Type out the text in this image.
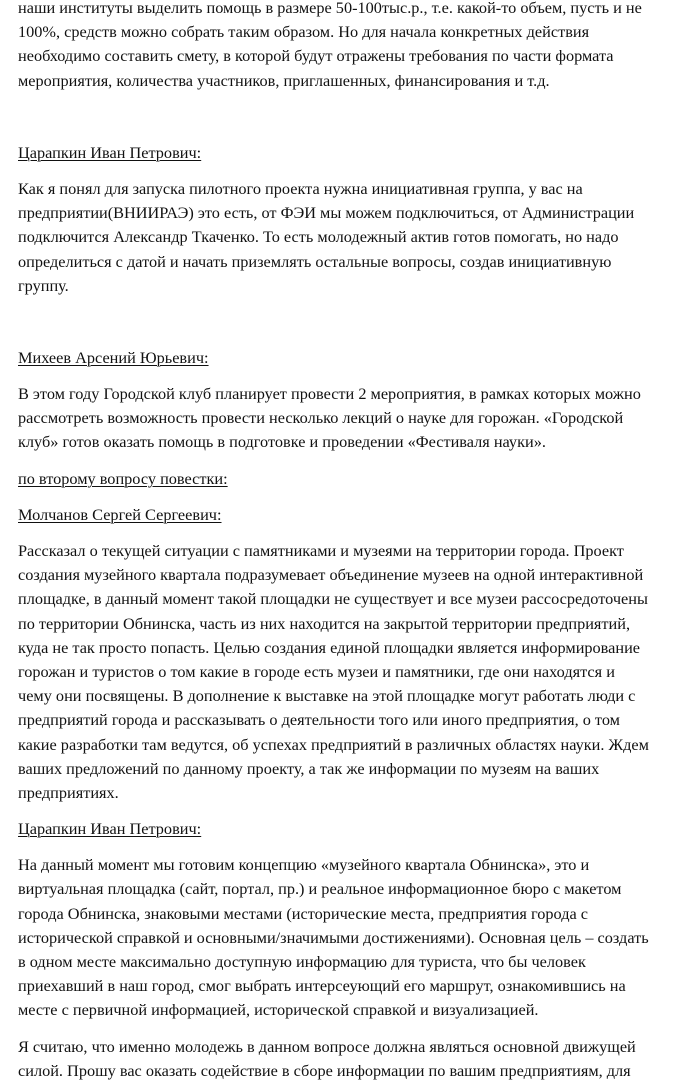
наши институты выделить помощь в размере 50-100тыс.р., т.е. какой-то объем, пусть и не
100%, средств можно собрать таким образом. Но для начала конкретных действия
необходимо составить смету, в которой будут отражены требования по части формата
мероприятия, количества участников, приглашенных, финансирования и т.д.
Царапкин Иван Петрович:
Как я понял для запуска пилотного проекта нужна инициативная группа, у вас на
предприятии(ВНИИРАЭ) это есть, от ФЭИ мы можем подключиться, от Администрации
подключится Александр Ткаченко. То есть молодежный актив готов помогать, но надо
определиться с датой и начать приземлять остальные вопросы, создав инициативную
группу.
Михеев Арсений Юрьевич:
В этом году Городской клуб планирует провести 2 мероприятия, в рамках которых можно
рассмотреть возможность провести несколько лекций о науке для горожан. «Городской
клуб» готов оказать помощь в подготовке и проведении «Фестиваля науки».
по второму вопросу повестки:
Молчанов Сергей Сергеевич:
Рассказал о текущей ситуации с памятниками и музеями на территории города. Проект
создания музейного квартала подразумевает объединение музеев на одной интерактивной
площадке, в данный момент такой площадки не существует и все музеи рассосредоточены
по территории Обнинска, часть из них находится на закрытой территории предприятий,
куда не так просто попасть. Целью создания единой площадки является информирование
горожан и туристов о том какие в городе есть музеи и памятники, где они находятся и
чему они посвящены. В дополнение к выставке на этой площадке могут работать люди с
предприятий города и рассказывать о деятельности того или иного предприятия, о том
какие разработки там ведутся, об успехах предприятий в различных областях науки. Ждем
ваших предложений по данному проекту, а так же информации по музеям на ваших
предприятиях.
Царапкин Иван Петрович:
На данный момент мы готовим концепцию «музейного квартала Обнинска», это и
виртуальная площадка (сайт, портал, пр.) и реальное информационное бюро с макетом
города Обнинска, знаковыми местами (исторические места, предприятия города с
исторической справкой и основными/значимыми достижениями). Основная цель – создать
в одном месте максимально доступную информацию для туриста, что бы человек
приехавший в наш город, смог выбрать интерсеующий его маршрут, ознакомившись на
месте с первичной информацией, исторической справкой и визуализацией.
Я считаю, что именно молодежь в данном вопросе должна являться основной движущей
силой. Прошу вас оказать содействие в сборе информации по вашим предприятиям, для
